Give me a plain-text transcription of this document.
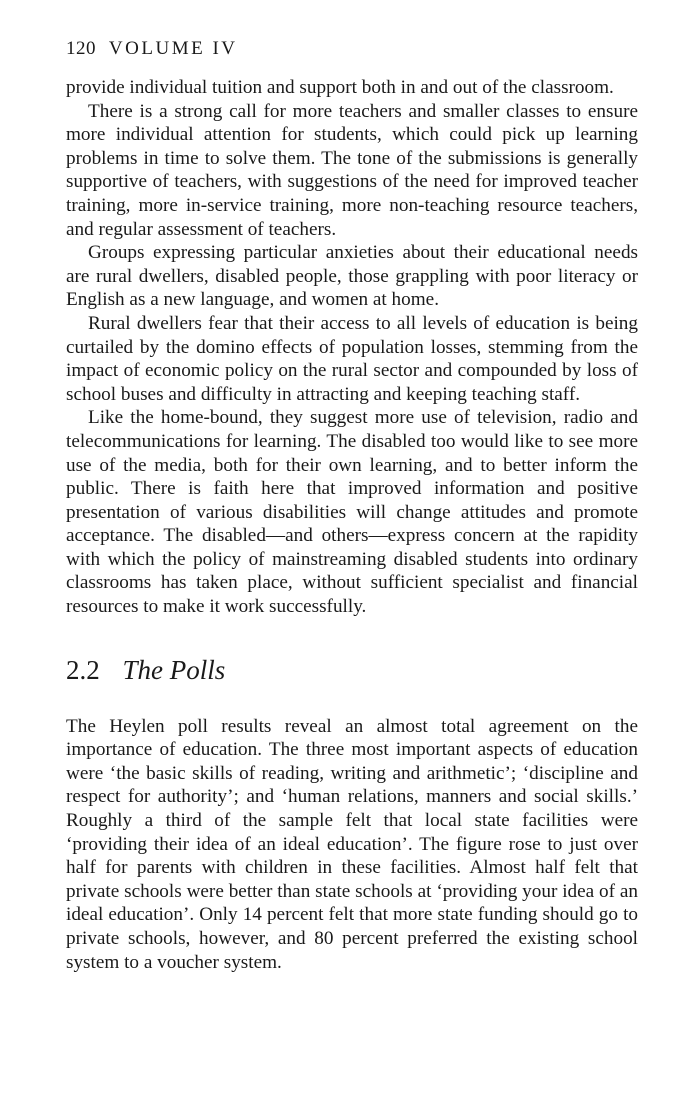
120 VOLUME IV

provide individual tuition and support both in and out of the classroom.

There is a strong call for more teachers and smaller classes to ensure more individual attention for students, which could pick up learning problems in time to solve them. The tone of the submissions is generally supportive of teachers, with suggestions of the need for improved teacher training, more in-service training, more non-teaching resource teachers, and regular assessment of teachers.

Groups expressing particular anxieties about their educational needs are rural dwellers, disabled people, those grappling with poor literacy or English as a new language, and women at home.

Rural dwellers fear that their access to all levels of education is being curtailed by the domino effects of population losses, stemming from the impact of economic policy on the rural sector and compounded by loss of school buses and difficulty in attracting and keeping teaching staff.

Like the home-bound, they suggest more use of television, radio and telecommunications for learning. The disabled too would like to see more use of the media, both for their own learning, and to better inform the public. There is faith here that improved information and positive presentation of various disabilities will change attitudes and promote acceptance. The disabled—and others—express concern at the rapidity with which the policy of mainstreaming disabled students into ordinary classrooms has taken place, without sufficient specialist and financial resources to make it work successfully.

2.2 The Polls

The Heylen poll results reveal an almost total agreement on the importance of education. The three most important aspects of education were ‘the basic skills of reading, writing and arithmetic’; ‘discipline and respect for authority’; and ‘human relations, manners and social skills.’ Roughly a third of the sample felt that local state facilities were ‘providing their idea of an ideal education’. The figure rose to just over half for parents with children in these facilities. Almost half felt that private schools were better than state schools at ‘providing your idea of an ideal education’. Only 14 percent felt that more state funding should go to private schools, however, and 80 percent preferred the existing school system to a voucher system.
